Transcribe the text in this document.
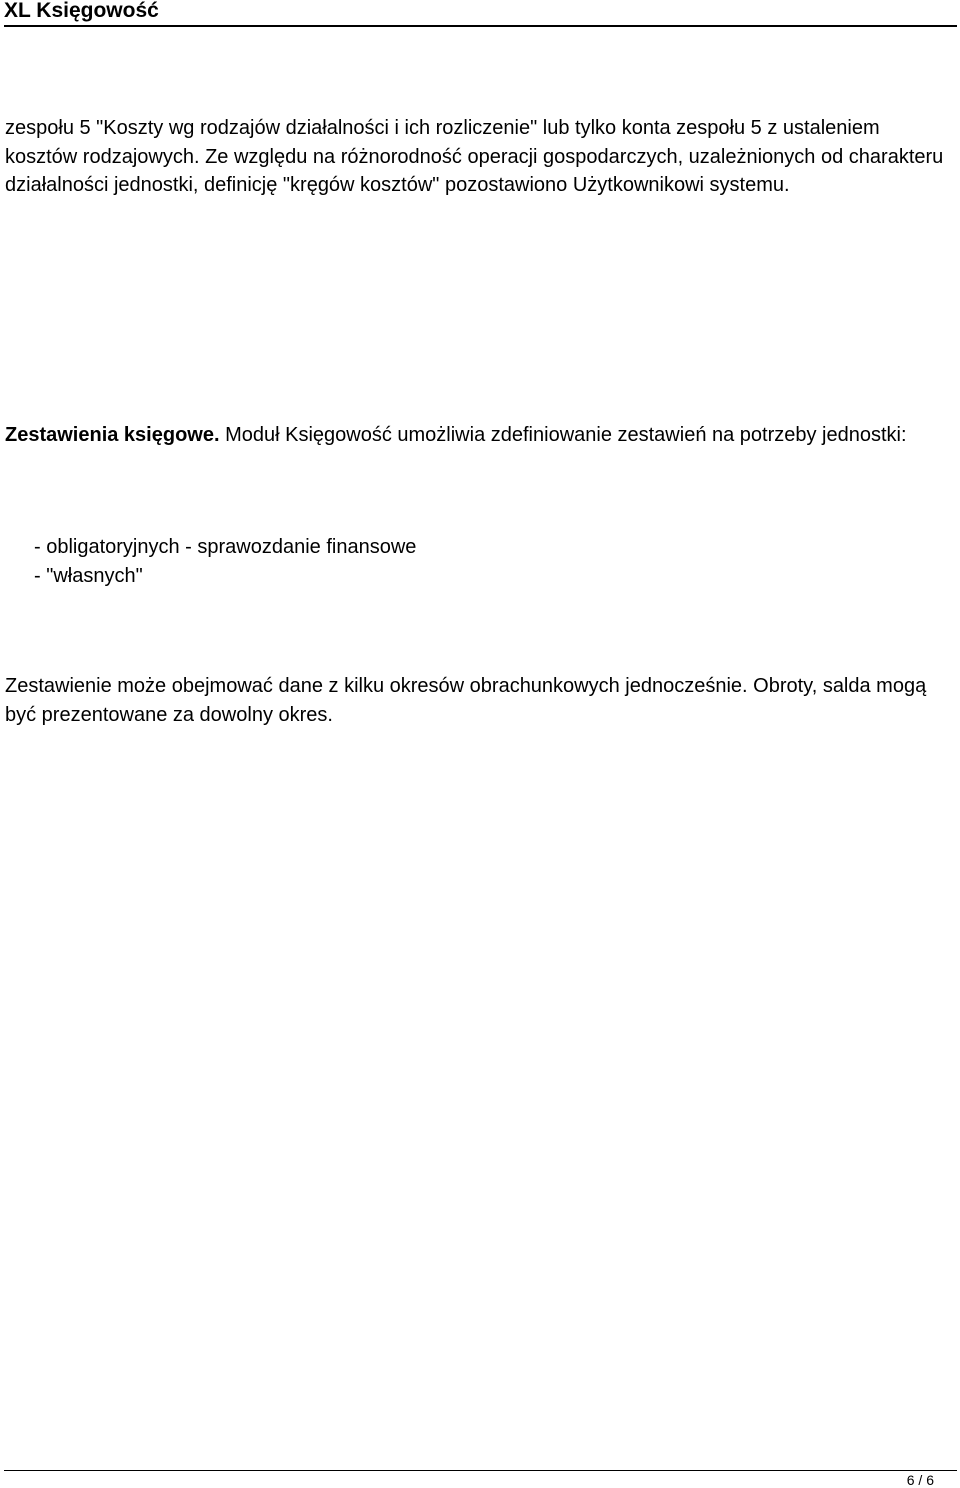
XL Księgowość

zespołu 5 "Koszty wg rodzajów działalności i ich rozliczenie" lub tylko konta zespołu 5 z ustaleniem kosztów rodzajowych. Ze względu na różnorodność operacji gospodarczych, uzależnionych od charakteru działalności jednostki, definicję "kręgów kosztów" pozostawiono Użytkownikowi systemu.

Zestawienia księgowe. Moduł Księgowość umożliwia zdefiniowanie zestawień na potrzeby jednostki:

- obligatoryjnych - sprawozdanie finansowe
- "własnych"

Zestawienie może obejmować dane z kilku okresów obrachunkowych jednocześnie. Obroty, salda mogą być prezentowane za dowolny okres.

6 / 6
